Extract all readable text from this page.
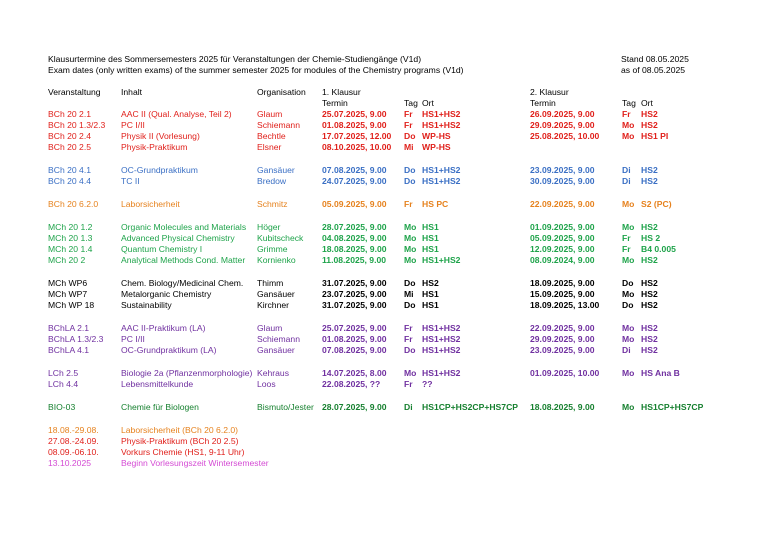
Klausurtermine des Sommersemesters 2025 für Veranstaltungen der Chemie-Studiengänge (V1d)
Exam dates (only written exams) of the summer semester 2025 for modules of the Chemistry programs (V1d)
Stand 08.05.2025
as of 08.05.2025
Veranstaltung Inhalt	Organisation 1. Klausur	2. Klausur
Termin	Tag Ort	Termin	Tag Ort
BCh 20 2.1	AAC II (Qual. Analyse, Teil 2)	Glaum	25.07.2025, 9.00	Fr	HS1+HS2	26.09.2025, 9.00	Fr	HS2
BCh 20 1.3/2.3	PC I/II	Schiemann	01.08.2025, 9.00	Fr	HS1+HS2	29.09.2025, 9.00	Mo HS2
BCh 20 2.4	Physik II (Vorlesung)	Bechtle	17.07.2025, 12.00	Do WP-HS	25.08.2025, 10.00	Mo HS1 PI
BCh 20 2.5	Physik-Praktikum	Elsner	08.10.2025, 10.00	Mi WP-HS
BCh 20 4.1	OC-Grundpraktikum	Gansäuer	07.08.2025, 9.00	Do HS1+HS2	23.09.2025, 9.00	Di	HS2
BCh 20 4.4	TC II	Bredow	24.07.2025, 9.00	Do HS1+HS2	30.09.2025, 9.00	Di	HS2
BCh 20 6.2.0	Laborsicherheit	Schmitz	05.09.2025, 9.00	Fr	HS PC	22.09.2025, 9.00	Mo S2 (PC)
MCh 20 1.2	Organic Molecules and Materials	Höger	28.07.2025, 9.00	Mo HS1	01.09.2025, 9.00	Mo HS2
MCh 20 1.3	Advanced Physical Chemistry	Kubitscheck	04.08.2025, 9.00	Mo HS1	05.09.2025, 9.00	Fr	HS 2
MCh 20 1.4	Quantum Chemistry I	Grimme	18.08.2025, 9.00	Mo HS1	12.09.2025, 9.00	Fr	B4 0.005
MCh 20 2	Analytical Methods Cond. Matter	Kornienko	11.08.2025, 9.00	Mo HS1+HS2	08.09.2024, 9.00	Mo HS2
MCh WP6	Chem. Biology/Medicinal Chem.	Thimm	31.07.2025, 9.00	Do HS2	18.09.2025, 9.00	Do HS2
MCh WP7	Metalorganic Chemistry	Gansäuer	23.07.2025, 9.00	Mi HS1	15.09.2025, 9.00	Mo HS2
MCh WP 18	Sustainability	Kirchner	31.07.2025, 9.00	Do HS1	18.09.2025, 13.00	Do HS2
BChLA 2.1	AAC II-Praktikum (LA)	Glaum	25.07.2025, 9.00	Fr	HS1+HS2	22.09.2025, 9.00	Mo HS2
BChLA 1.3/2.3	PC I/II	Schiemann	01.08.2025, 9.00	Fr	HS1+HS2	29.09.2025, 9.00	Mo HS2
BChLA 4.1	OC-Grundpraktikum (LA)	Gansäuer	07.08.2025, 9.00	Do HS1+HS2	23.09.2025, 9.00	Di	HS2
LCh 2.5	Biologie 2a (Pflanzenmorphologie) Kehraus	14.07.2025, 8.00	Mo HS1+HS2	01.09.2025, 10.00	Mo HS Ana B
LCh 4.4	Lebensmittelkunde	Loos	22.08.2025, ??	Fr	??
BIO-03	Chemie für Biologen	Bismuto/Jester 28.07.2025, 9.00	Di	HS1CP+HS2CP+HS7CP	18.08.2025, 9.00	Mo HS1CP+HS7CP
18.08.-29.08.	Laborsicherheit (BCh 20 6.2.0)
27.08.-24.09.	Physik-Praktikum (BCh 20 2.5)
08.09.-06.10.	Vorkurs Chemie (HS1, 9-11 Uhr)
13.10.2025	Beginn Vorlesungszeit Wintersemester
